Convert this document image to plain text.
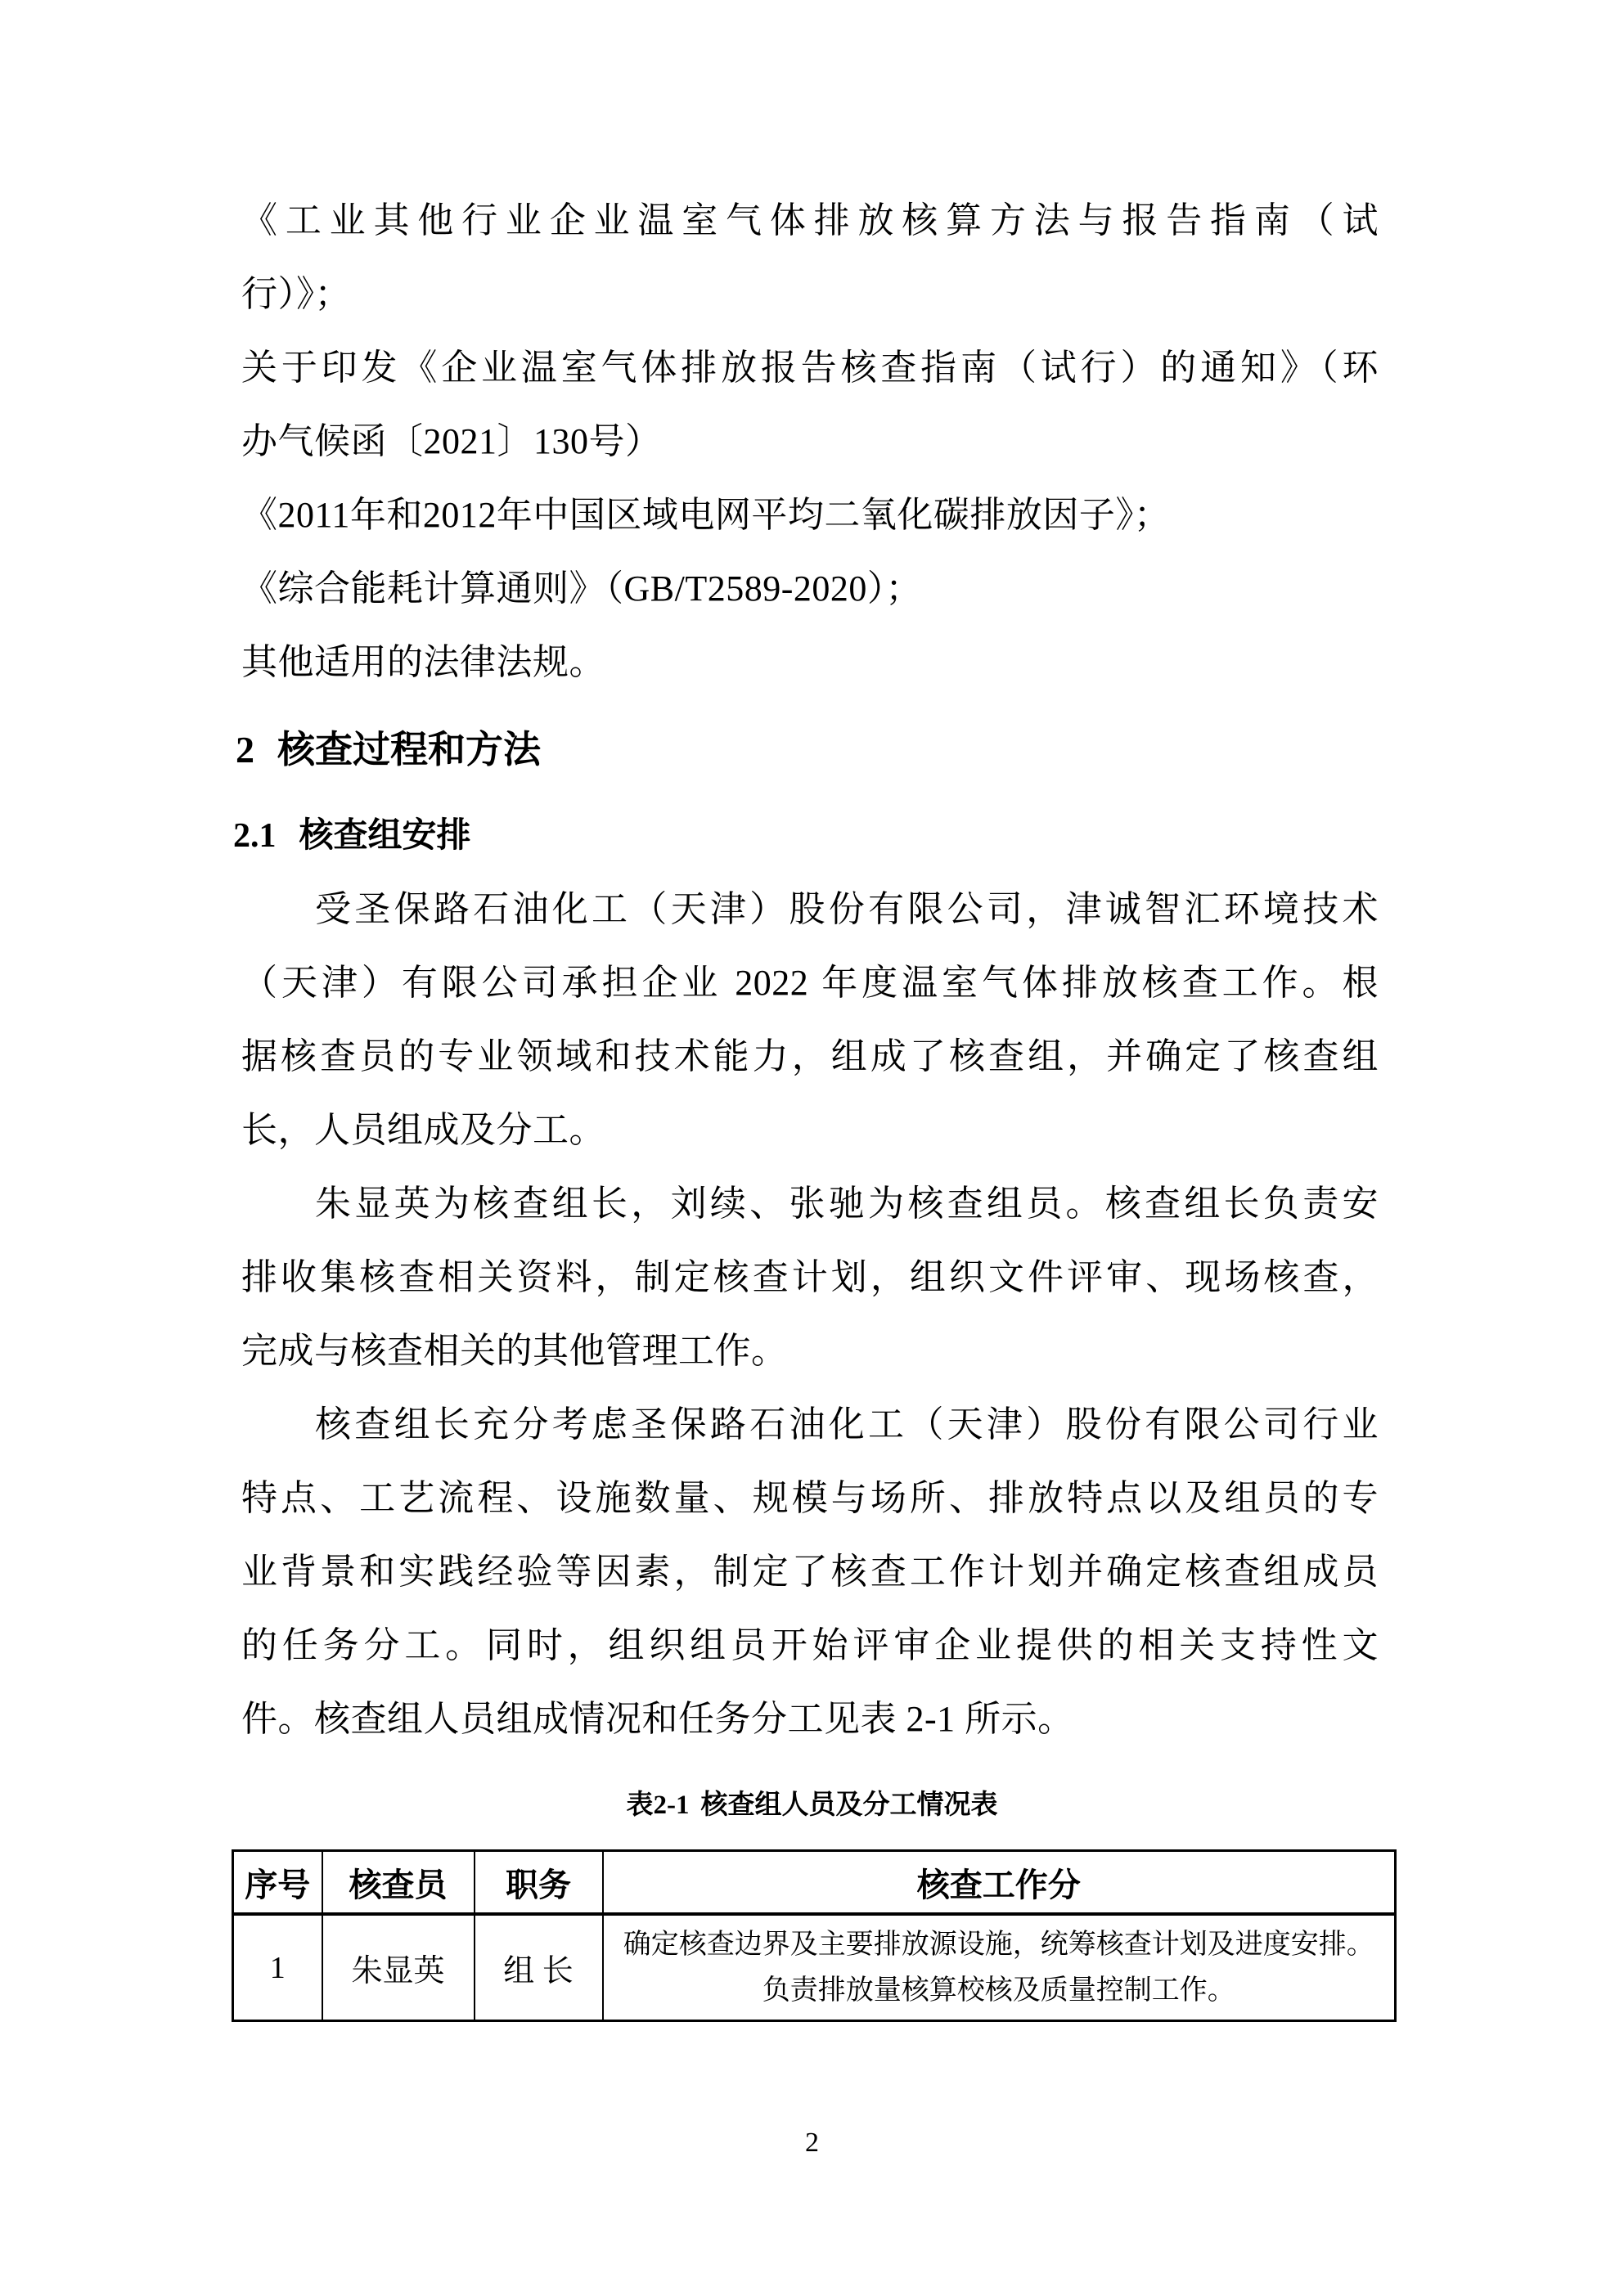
《工业其他行业企业温室气体排放核算方法与报告指南（试
行）》；
关于印发《企业温室气体排放报告核查指南（试行）的通知》（环
办气候函〔2021〕130号）
《2011年和2012年中国区域电网平均二氧化碳排放因子》；
《综合能耗计算通则》（GB/T2589-2020）；
其他适用的法律法规。
2 核查过程和方法
2.1 核查组安排
受圣保路石油化工（天津）股份有限公司，津诚智汇环境技术
（天津）有限公司承担企业 2022 年度温室气体排放核查工作。根
据核查员的专业领域和技术能力，组成了核查组，并确定了核查组
长，人员组成及分工。
朱显英为核查组长，刘续、张驰为核查组员。核查组长负责安
排收集核查相关资料，制定核查计划，组织文件评审、现场核查，
完成与核查相关的其他管理工作。
核查组长充分考虑圣保路石油化工（天津）股份有限公司行业
特点、工艺流程、设施数量、规模与场所、排放特点以及组员的专
业背景和实践经验等因素，制定了核查工作计划并确定核查组成员
的任务分工。同时，组织组员开始评审企业提供的相关支持性文
件。核查组人员组成情况和任务分工见表 2-1 所示。
表2-1 核查组人员及分工情况表
序号	核查员	职务	核查工作分
1	朱显英	组 长	确定核查边界及主要排放源设施，统筹核查计划及进度安排。
负责排放量核算校核及质量控制工作。
2
